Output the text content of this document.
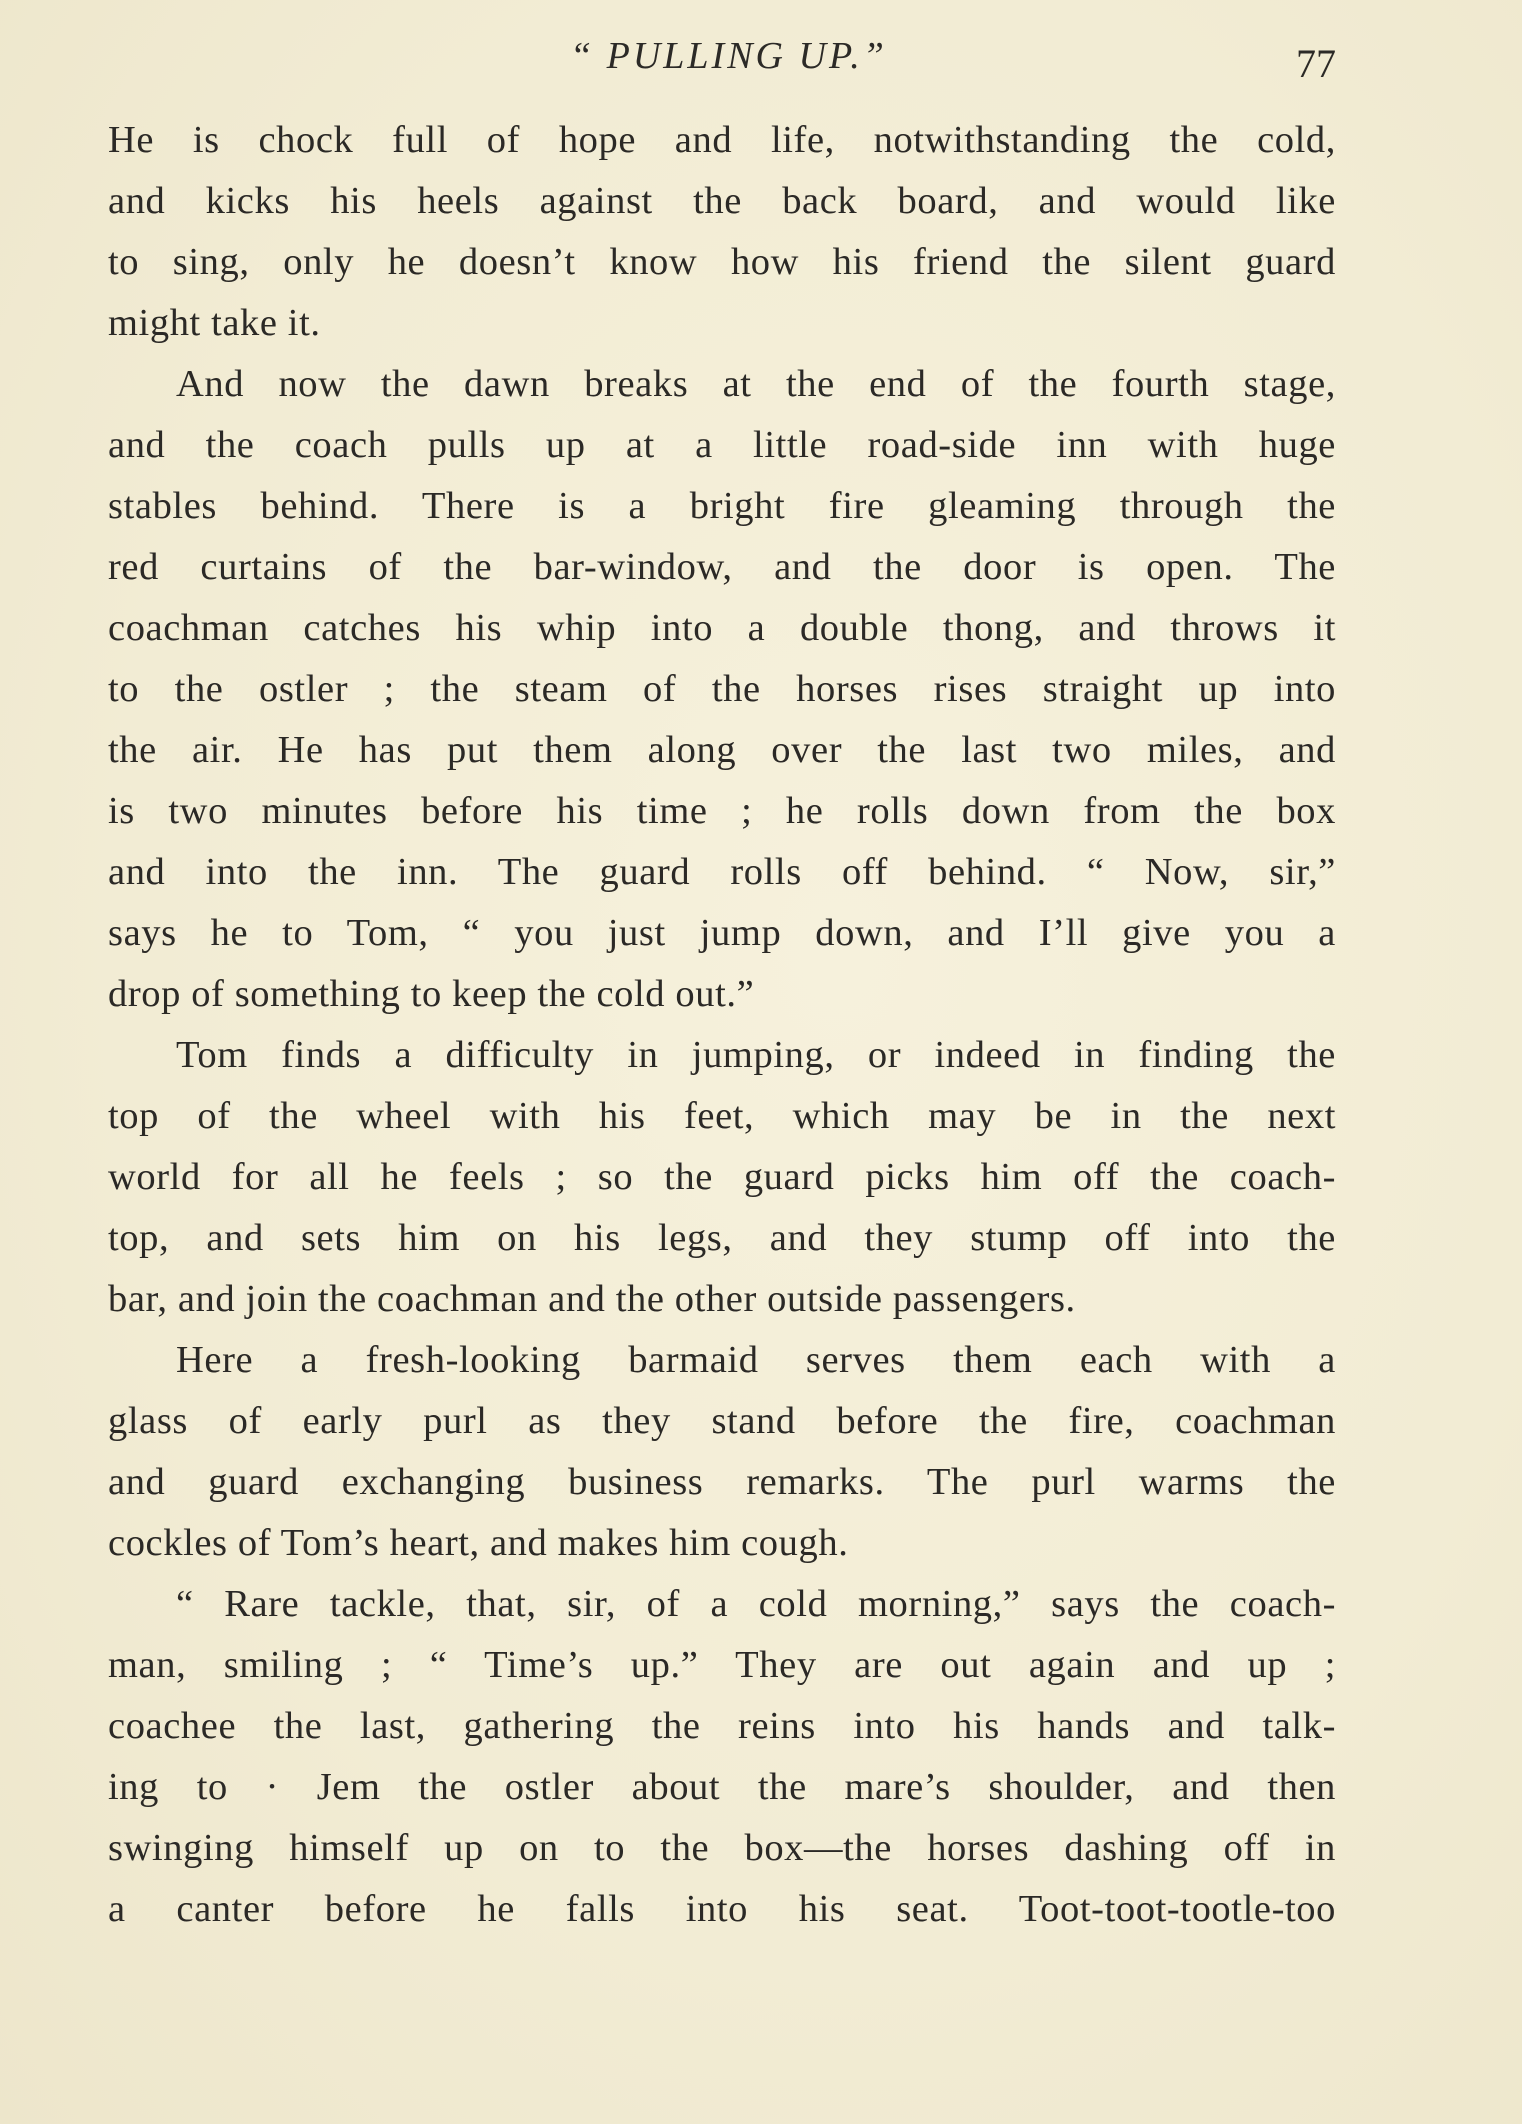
“ PULLING UP.”	77
He is chock full of hope and life, notwithstanding the cold,
and kicks his heels against the back board, and would like
to sing, only he doesn’t know how his friend the silent guard
might take it.
And now the dawn breaks at the end of the fourth stage,
and the coach pulls up at a little road-side inn with huge
stables behind. There is a bright fire gleaming through the
red curtains of the bar-window, and the door is open. The
coachman catches his whip into a double thong, and throws it
to the ostler ; the steam of the horses rises straight up into
the air. He has put them along over the last two miles, and
is two minutes before his time ; he rolls down from the box
and into the inn. The guard rolls off behind. “ Now, sir,”
says he to Tom, “ you just jump down, and I’ll give you a
drop of something to keep the cold out.”
Tom finds a difficulty in jumping, or indeed in finding the
top of the wheel with his feet, which may be in the next
world for all he feels ; so the guard picks him off the coach-
top, and sets him on his legs, and they stump off into the
bar, and join the coachman and the other outside passengers.
Here a fresh-looking barmaid serves them each with a
glass of early purl as they stand before the fire, coachman
and guard exchanging business remarks. The purl warms the
cockles of Tom’s heart, and makes him cough.
“ Rare tackle, that, sir, of a cold morning,” says the coach-
man, smiling ; “ Time’s up.” They are out again and up ;
coachee the last, gathering the reins into his hands and talk-
ing to · Jem the ostler about the mare’s shoulder, and then
swinging himself up on to the box—the horses dashing off in
a canter before he falls into his seat. Toot-toot-tootle-too
